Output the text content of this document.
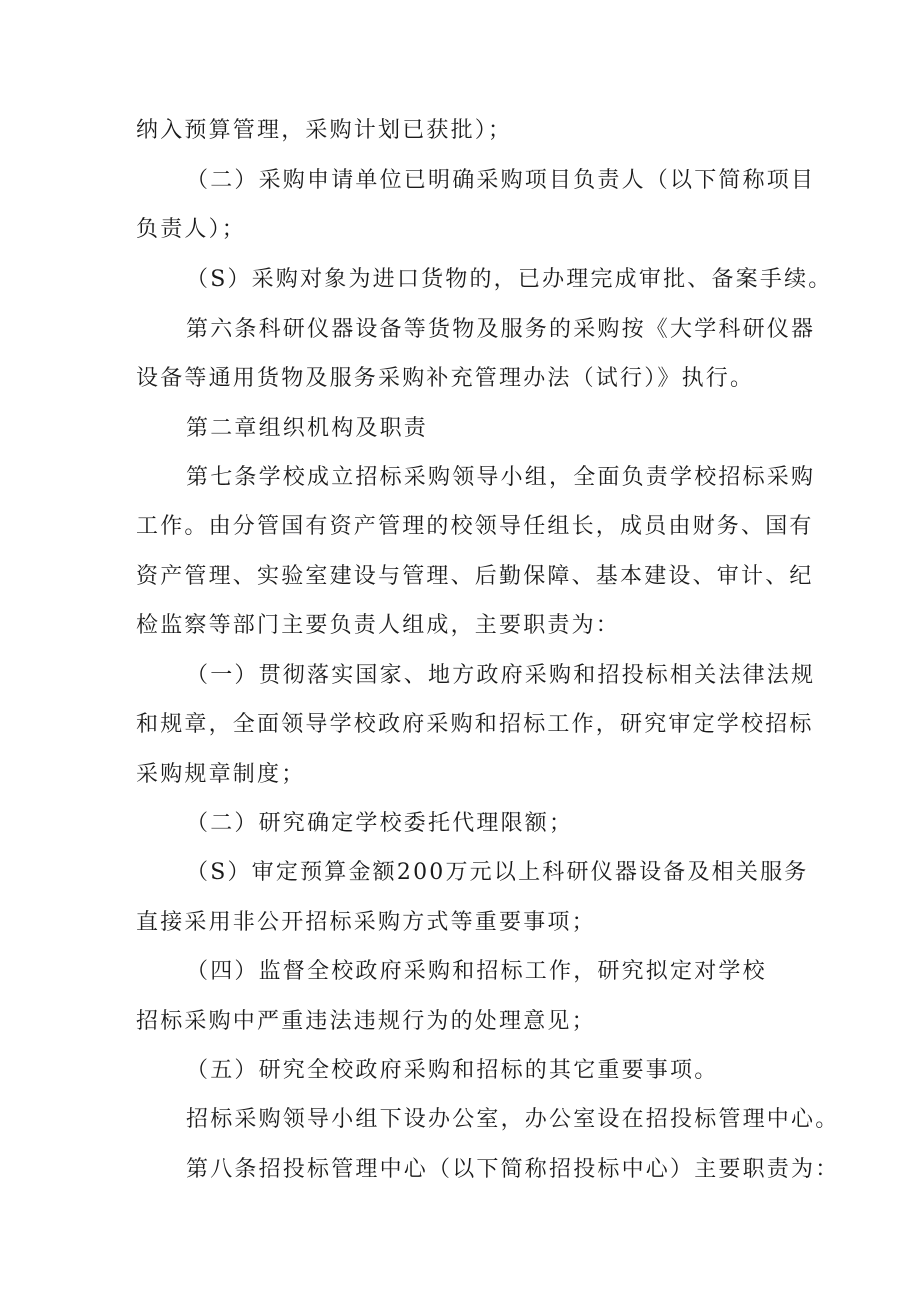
纳入预算管理，采购计划已获批）；
（二）采购申请单位已明确采购项目负责人（以下简称项目
负责人）；
（S）采购对象为进口货物的，已办理完成审批、备案手续。
第六条科研仪器设备等货物及服务的采购按《大学科研仪器
设备等通用货物及服务采购补充管理办法（试行）》执行。
第二章组织机构及职责
第七条学校成立招标采购领导小组，全面负责学校招标采购
工作。由分管国有资产管理的校领导任组长，成员由财务、国有
资产管理、实验室建设与管理、后勤保障、基本建设、审计、纪
检监察等部门主要负责人组成，主要职责为：
（一）贯彻落实国家、地方政府采购和招投标相关法律法规
和规章，全面领导学校政府采购和招标工作，研究审定学校招标
采购规章制度；
（二）研究确定学校委托代理限额；
（S）审定预算金额200万元以上科研仪器设备及相关服务
直接采用非公开招标采购方式等重要事项；
（四）监督全校政府采购和招标工作，研究拟定对学校
招标采购中严重违法违规行为的处理意见；
（五）研究全校政府采购和招标的其它重要事项。
招标采购领导小组下设办公室，办公室设在招投标管理中心。
第八条招投标管理中心（以下简称招投标中心）主要职责为：
